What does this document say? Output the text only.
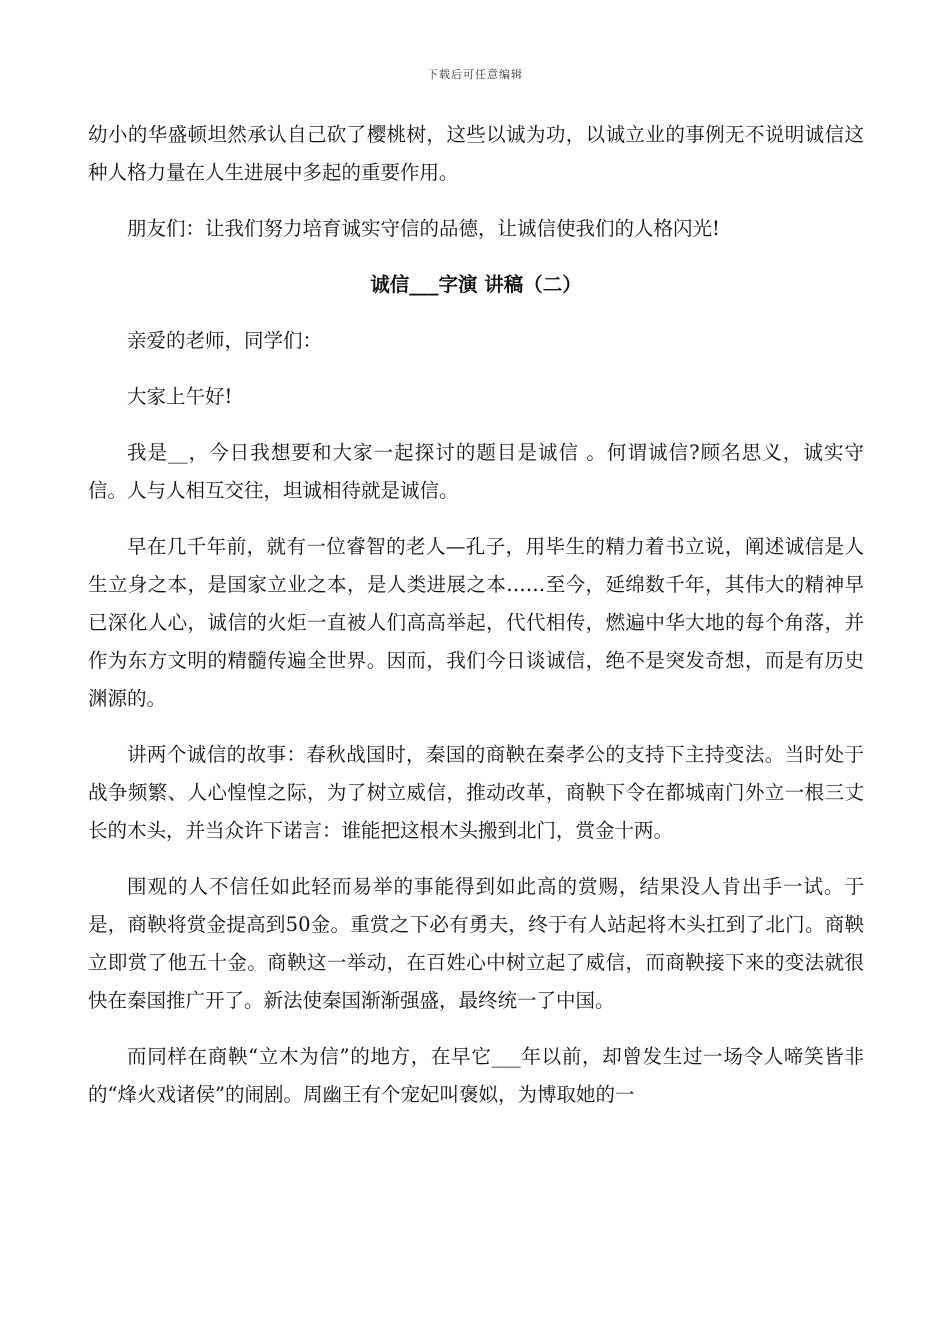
下载后可任意编辑

幼小的华盛顿坦然承认自己砍了樱桃树，这些以诚为功，以诚立业的事例无不说明诚信这种人格力量在人生进展中多起的重要作用。

朋友们：让我们努力培育诚实守信的品德，让诚信使我们的人格闪光!

诚信___字演 讲稿（二）

亲爱的老师，同学们：

大家上午好!

我是__，今日我想要和大家一起探讨的题目是诚信 。何谓诚信?顾名思义，诚实守信。人与人相互交往，坦诚相待就是诚信。

早在几千年前，就有一位睿智的老人—孔子，用毕生的精力着书立说，阐述诚信是人生立身之本，是国家立业之本，是人类进展之本……至今，延绵数千年，其伟大的精神早已深化人心，诚信的火炬一直被人们高高举起，代代相传，燃遍中华大地的每个角落，并作为东方文明的精髓传遍全世界。因而，我们今日谈诚信，绝不是突发奇想，而是有历史渊源的。

讲两个诚信的故事：春秋战国时，秦国的商鞅在秦孝公的支持下主持变法。当时处于战争频繁、人心惶惶之际，为了树立威信，推动改革，商鞅下令在都城南门外立一根三丈长的木头，并当众许下诺言：谁能把这根木头搬到北门，赏金十两。

围观的人不信任如此轻而易举的事能得到如此高的赏赐，结果没人肯出手一试。于是，商鞅将赏金提高到50金。重赏之下必有勇夫，终于有人站起将木头扛到了北门。商鞅立即赏了他五十金。商鞅这一举动，在百姓心中树立起了威信，而商鞅接下来的变法就很快在秦国推广开了。新法使秦国渐渐强盛，最终统一了中国。

而同样在商鞅“立木为信”的地方，在早它___年以前，却曾发生过一场令人啼笑皆非 的“烽火戏诸侯”的闹剧。周幽王有个宠妃叫褒姒，为博取她的一
